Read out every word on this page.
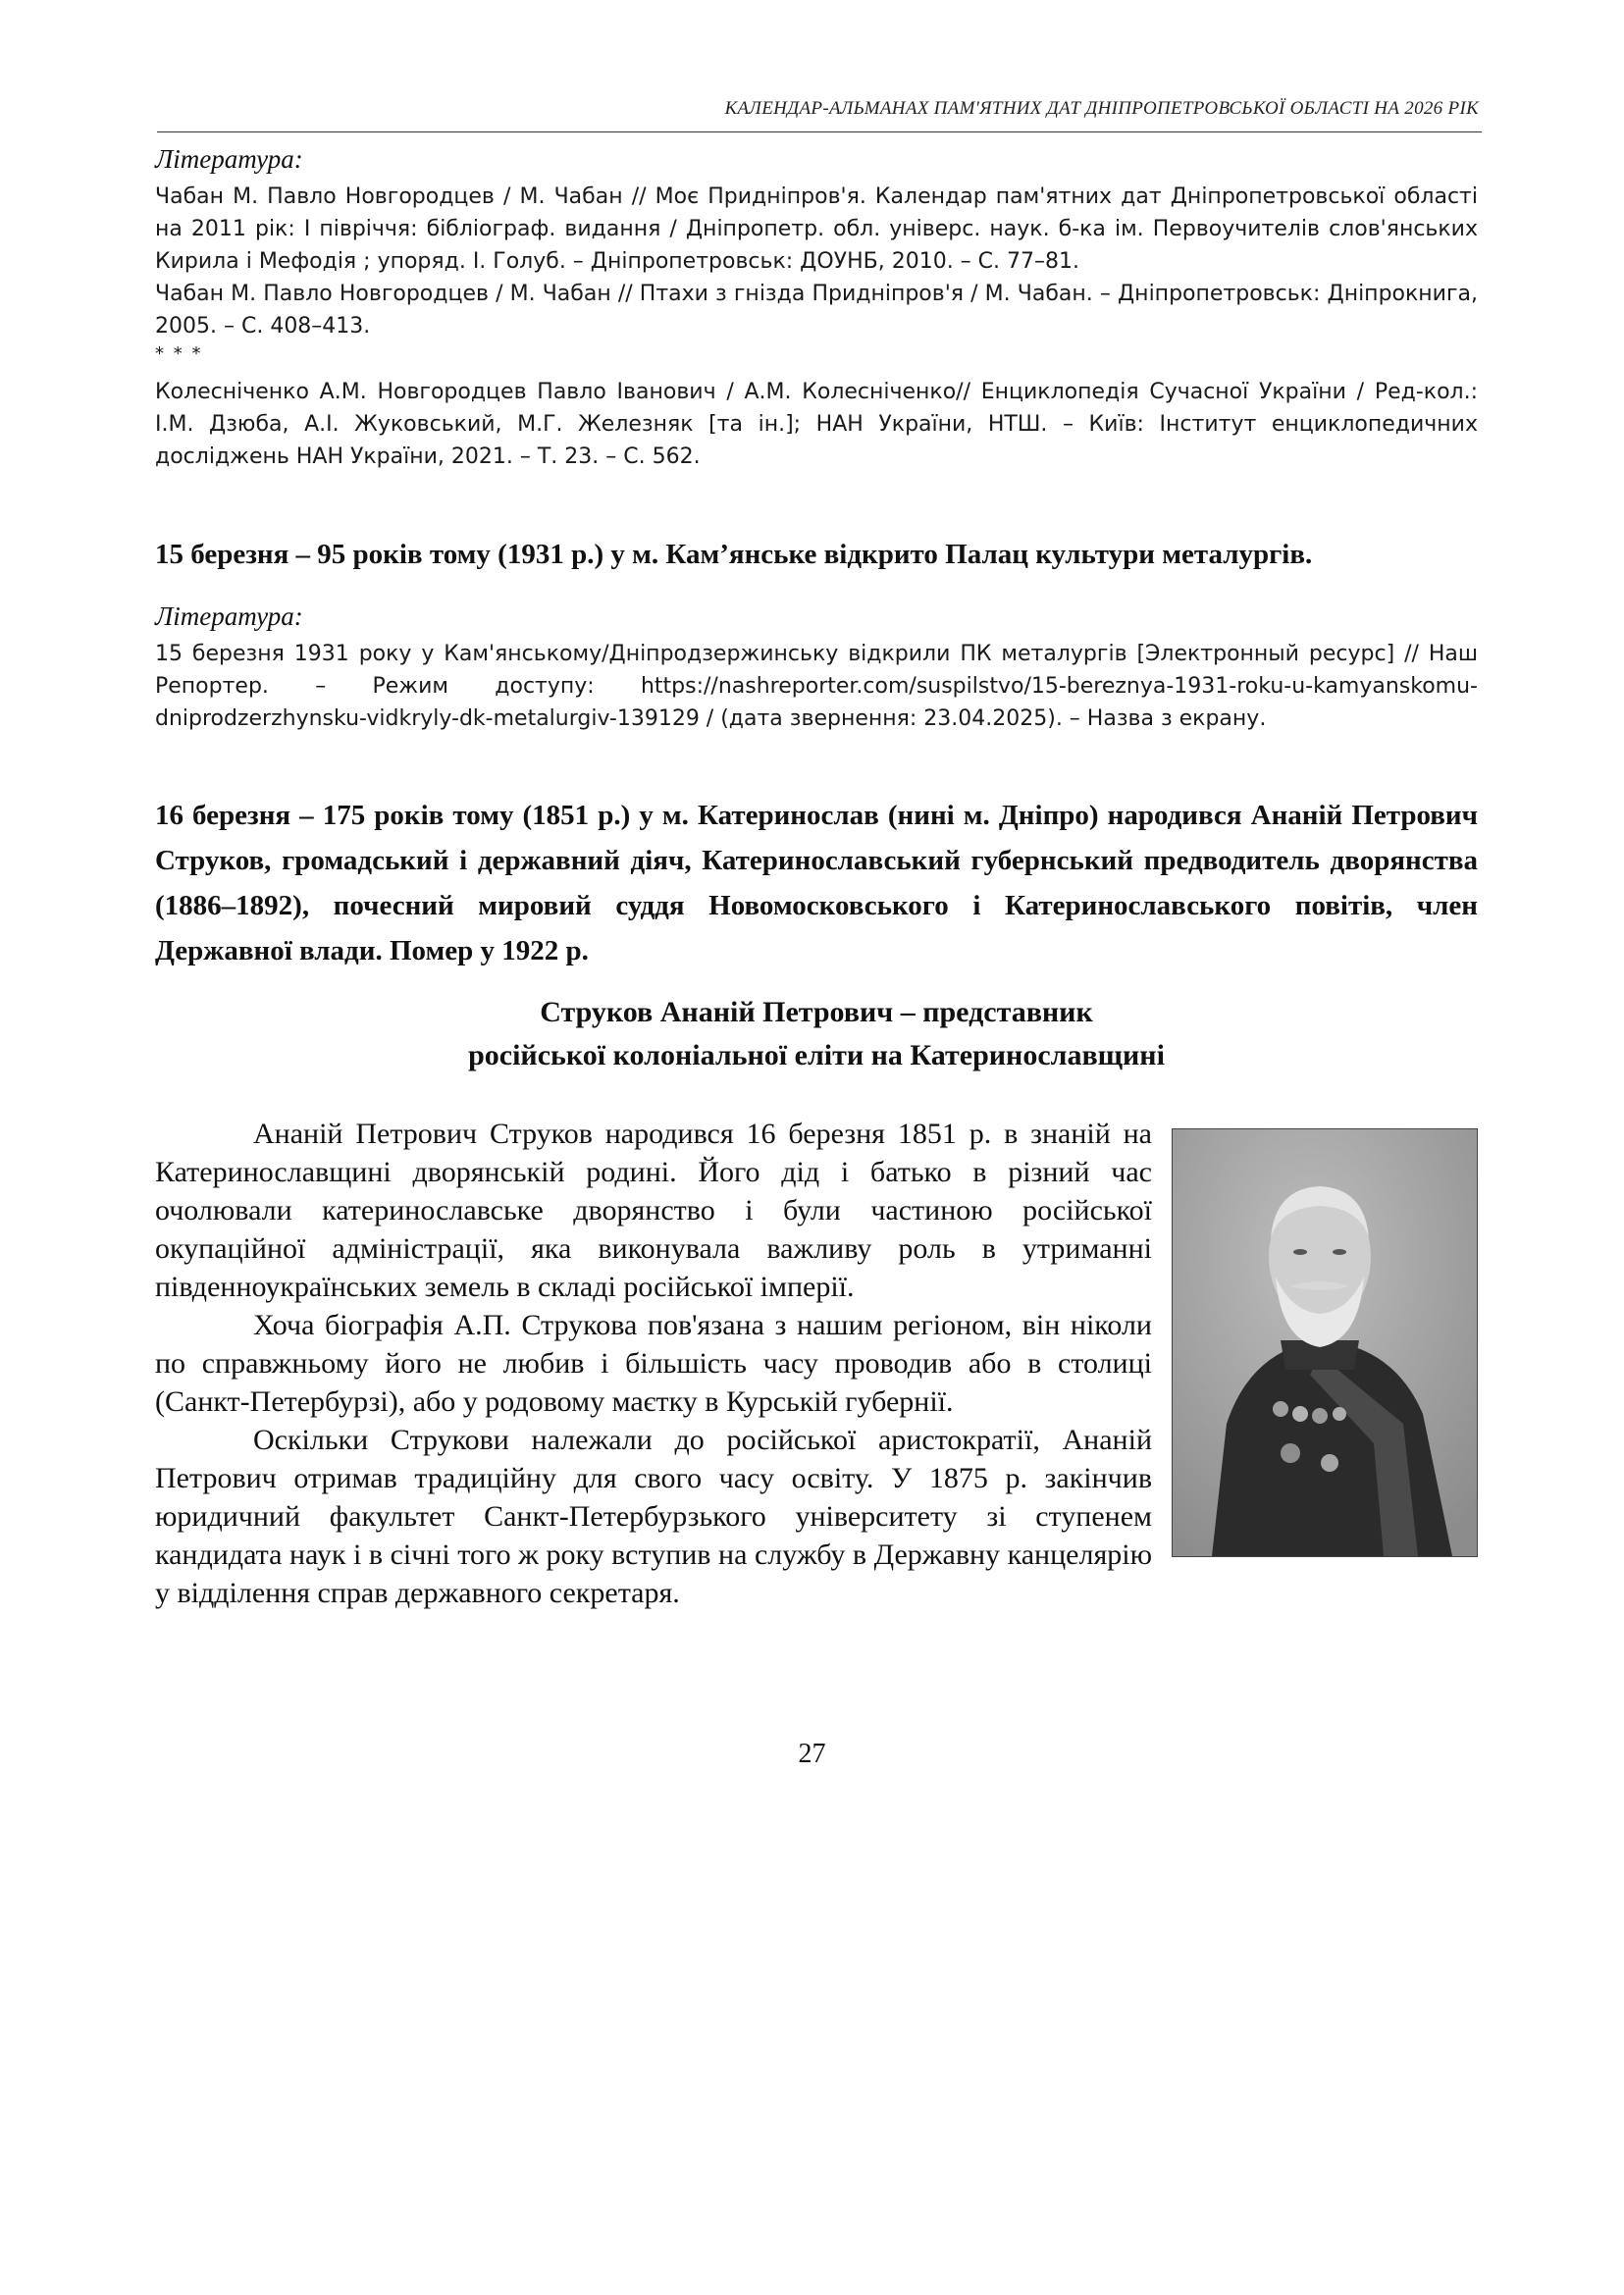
КАЛЕНДАР-АЛЬМАНАХ ПАМ'ЯТНИХ ДАТ ДНІПРОПЕТРОВСЬКОЇ ОБЛАСТІ НА 2026 РІК
Література:

Чабан М. Павло Новгородцев / М. Чабан // Моє Придніпров'я. Календар пам'ятних дат Дніпропетровської області на 2011 рік: І півріччя: бібліограф. видання / Дніпропетр. обл. універс. наук. б-ка ім. Первоучителів слов'янських Кирила і Мефодія ; упоряд. І. Голуб. – Дніпропетровськ: ДОУНБ, 2010. – С. 77–81.

Чабан М. Павло Новгородцев / М. Чабан // Птахи з гнізда Придніпров'я / М. Чабан. – Дніпропетровськ: Дніпрокнига, 2005. – С. 408–413.

* * *

Колесніченко А.М. Новгородцев Павло Іванович / А.М. Колесніченко// Енциклопедія Сучасної України / Ред-кол.: І.М. Дзюба, А.І. Жуковський, М.Г. Железняк [та ін.]; НАН України, НТШ. – Київ: Інститут енциклопедичних досліджень НАН України, 2021. – Т. 23. – С. 562.

15 березня – 95 років тому (1931 р.) у м. Кам’янське відкрито Палац культури металургів.

Література:

15 березня 1931 року у Кам'янському/Дніпродзержинську відкрили ПК металургів [Электронный ресурс] // Наш Репортер. – Режим доступу: https://nashreporter.com/suspilstvo/15-bereznya-1931-roku-u-kamyanskomu-dniprodzerzhynsku-vidkryly-dk-metalurgiv-139129 / (дата звернення: 23.04.2025). – Назва з екрану.

16 березня – 175 років тому (1851 р.) у м. Катеринослав (нині м. Дніпро) народився Ананій Петрович Струков, громадський і державний діяч, Катеринославський губернський предводитель дворянства (1886–1892), почесний мировий суддя Новомосковського і Катеринославського повітів, член Державної влади. Помер у 1922 р.

Струков Ананій Петрович – представник
російської колоніальної еліти на Катеринославщині

Ананій Петрович Струков народився 16 березня 1851 р. в знаній на Катеринославщині дворянській родині. Його дід і батько в різний час очолювали катеринославське дворянство і були частиною російської окупаційної адміністрації, яка виконувала важливу роль в утриманні південноукраїнських земель в складі російської імперії.

Хоча біографія А.П. Струкова пов'язана з нашим регіоном, він ніколи по справжньому його не любив і більшість часу проводив або в столиці (Санкт-Петербурзі), або у родовому маєтку в Курській губернії.

Оскільки Струкови належали до російської аристократії, Ананій Петрович отримав традиційну для свого часу освіту. У 1875 р. закінчив юридичний факультет Санкт-Петербурзького університету зі ступенем кандидата наук і в січні того ж року вступив на службу в Державну канцелярію у відділення справ державного секретаря.

27
